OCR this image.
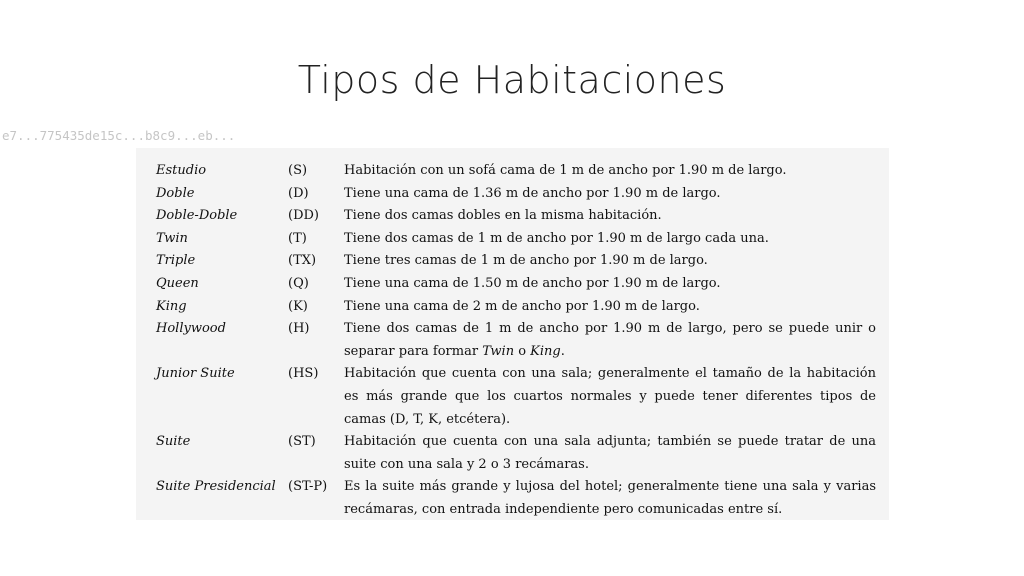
Tipos de Habitaciones
Estudio	(S)	Habitación con un sofá cama de 1 m de ancho por 1.90 m de largo.
Doble	(D)	Tiene una cama de 1.36 m de ancho por 1.90 m de largo.
Doble-Doble	(DD)	Tiene dos camas dobles en la misma habitación.
Twin	(T)	Tiene dos camas de 1 m de ancho por 1.90 m de largo cada una.
Triple	(TX)	Tiene tres camas de 1 m de ancho por 1.90 m de largo.
Queen	(Q)	Tiene una cama de 1.50 m de ancho por 1.90 m de largo.
King	(K)	Tiene una cama de 2 m de ancho por 1.90 m de largo.
Hollywood	(H)	Tiene dos camas de 1 m de ancho por 1.90 m de largo, pero se puede unir o separar para formar Twin o King.
Junior Suite	(HS)	Habitación que cuenta con una sala; generalmente el tamaño de la habitación es más grande que los cuartos normales y puede tener diferentes tipos de camas (D, T, K, etcétera).
Suite	(ST)	Habitación que cuenta con una sala adjunta; también se puede tratar de una suite con una sala y 2 o 3 recámaras.
Suite Presidencial	(ST-P)	Es la suite más grande y lujosa del hotel; generalmente tiene una sala y varias recámaras, con entrada independiente pero comunicadas entre sí.
e7...775435de15c...b8c9...eb...
